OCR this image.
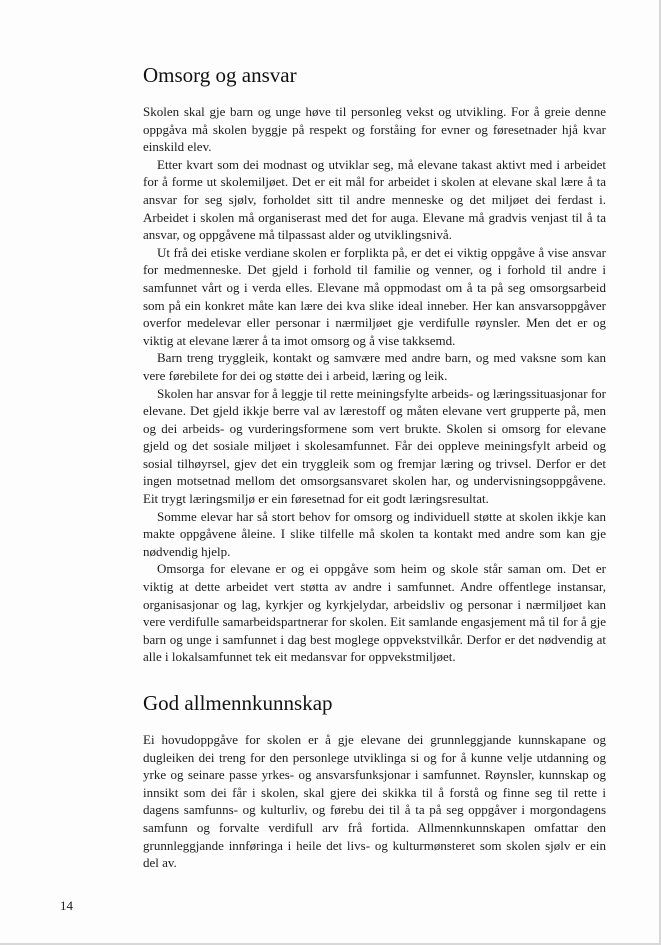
Omsorg og ansvar

Skolen skal gje barn og unge høve til personleg vekst og utvikling. For å greie denne oppgåva må skolen byggje på respekt og forståing for evner og føresetnader hjå kvar einskild elev.

Etter kvart som dei modnast og utviklar seg, må elevane takast aktivt med i arbeidet for å forme ut skolemiljøet. Det er eit mål for arbeidet i skolen at elevane skal lære å ta ansvar for seg sjølv, forholdet sitt til andre menneske og det miljøet dei ferdast i. Arbeidet i skolen må organiserast med det for auga. Elevane må gradvis venjast til å ta ansvar, og oppgåvene må tilpassast alder og utviklingsnivå.

Ut frå dei etiske verdiane skolen er forplikta på, er det ei viktig oppgåve å vise ansvar for medmenneske. Det gjeld i forhold til familie og venner, og i forhold til andre i samfunnet vårt og i verda elles. Elevane må oppmodast om å ta på seg omsorgsarbeid som på ein konkret måte kan lære dei kva slike ideal inneber. Her kan ansvarsoppgåver overfor medelevar eller personar i nærmiljøet gje verdifulle røynsler. Men det er og viktig at elevane lærer å ta imot omsorg og å vise takksemd.

Barn treng tryggleik, kontakt og samvære med andre barn, og med vaksne som kan vere førebilete for dei og støtte dei i arbeid, læring og leik.

Skolen har ansvar for å leggje til rette meiningsfylte arbeids- og læringssituasjonar for elevane. Det gjeld ikkje berre val av lærestoff og måten elevane vert grupperte på, men og dei arbeids- og vurderingsformene som vert brukte. Skolen si omsorg for elevane gjeld og det sosiale miljøet i skolesamfunnet. Får dei oppleve meiningsfylt arbeid og sosial tilhøyrsel, gjev det ein tryggleik som og fremjar læring og trivsel. Derfor er det ingen motsetnad mellom det omsorgsansvaret skolen har, og undervisningsoppgåvene. Eit trygt læringsmiljø er ein føresetnad for eit godt læringsresultat.

Somme elevar har så stort behov for omsorg og individuell støtte at skolen ikkje kan makte oppgåvene åleine. I slike tilfelle må skolen ta kontakt med andre som kan gje nødvendig hjelp.

Omsorga for elevane er og ei oppgåve som heim og skole står saman om. Det er viktig at dette arbeidet vert støtta av andre i samfunnet. Andre offentlege instansar, organisasjonar og lag, kyrkjer og kyrkjelydar, arbeidsliv og personar i nærmiljøet kan vere verdifulle samarbeidspartnerar for skolen. Eit samlande engasjement må til for å gje barn og unge i samfunnet i dag best moglege oppvekstvilkår. Derfor er det nødvendig at alle i lokalsamfunnet tek eit medansvar for oppvekstmiljøet.

God allmennkunnskap

Ei hovudoppgåve for skolen er å gje elevane dei grunnleggjande kunnskapane og dugleiken dei treng for den personlege utviklinga si og for å kunne velje utdanning og yrke og seinare passe yrkes- og ansvarsfunksjonar i samfunnet. Røynsler, kunnskap og innsikt som dei får i skolen, skal gjere dei skikka til å forstå og finne seg til rette i dagens samfunns- og kulturliv, og førebu dei til å ta på seg oppgåver i morgondagens samfunn og forvalte verdifull arv frå fortida. Allmennkunnskapen omfattar den grunnleggjande innføringa i heile det livs- og kulturmønsteret som skolen sjølv er ein del av.

14
